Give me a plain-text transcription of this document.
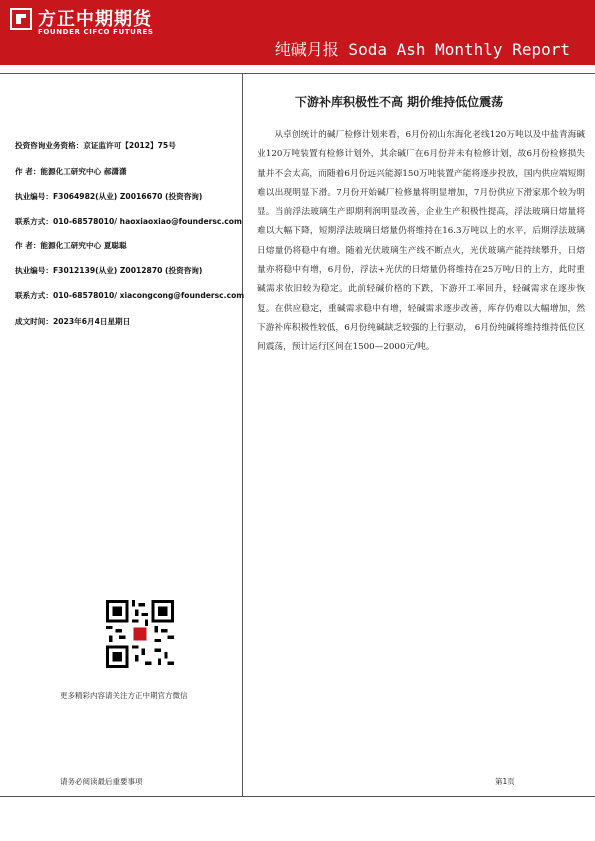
方正中期期货
FOUNDER CIFCO FUTURES
纯碱月报 Soda Ash Monthly Report
下游补库积极性不高 期价维持低位震荡
从卓创统计的碱厂检修计划来看，6月份初山东海化老线120万吨以及中盐青海碱业120万吨装置有检修计划外，其余碱厂在6月份并未有检修计划，故6月份检修损失量并不会太高，而随着6月份远兴能源150万吨装置产能将逐步投放，国内供应端短期难以出现明显下滑。7月份开始碱厂检修量将明显增加，7月份供应下滑家那个较为明显。当前浮法玻璃生产即期利润明显改善，企业生产积极性提高，浮法玻璃日熔量将难以大幅下降，短期浮法玻璃日熔量仍将维持在16.3万吨以上的水平，后期浮法玻璃日熔量仍将稳中有增。随着光伏玻璃生产线不断点火，光伏玻璃产能持续攀升，日熔量亦将稳中有增，6月份，浮法+光伏的日熔量仍将维持在25万吨/日的上方，此时重碱需求依旧较为稳定。此前轻碱价格的下跌，下游开工率回升，轻碱需求在逐步恢复。在供应稳定，重碱需求稳中有增，轻碱需求逐步改善，库存仍难以大幅增加，然下游补库积极性较低，6月份纯碱缺乏较强的上行驱动， 6月份纯碱将维持维持低位区间震荡，预计运行区间在1500—2000元/吨。
投资咨询业务资格：京证监许可【2012】75号
作 者：能源化工研究中心 郝潇潇
执业编号：F3064982(从业) Z0016670 (投资咨询)
联系方式：010-68578010/ haoxiaoxiao@foundersc.com
作 者：能源化工研究中心 夏聪聪
执业编号：F3012139(从业) Z0012870 (投资咨询)
联系方式：010-68578010/ xiacongcong@foundersc.com
成文时间：2023年6月4日星期日
更多精彩内容请关注方正中期官方微信
请务必阅读最后重要事项	第1页
